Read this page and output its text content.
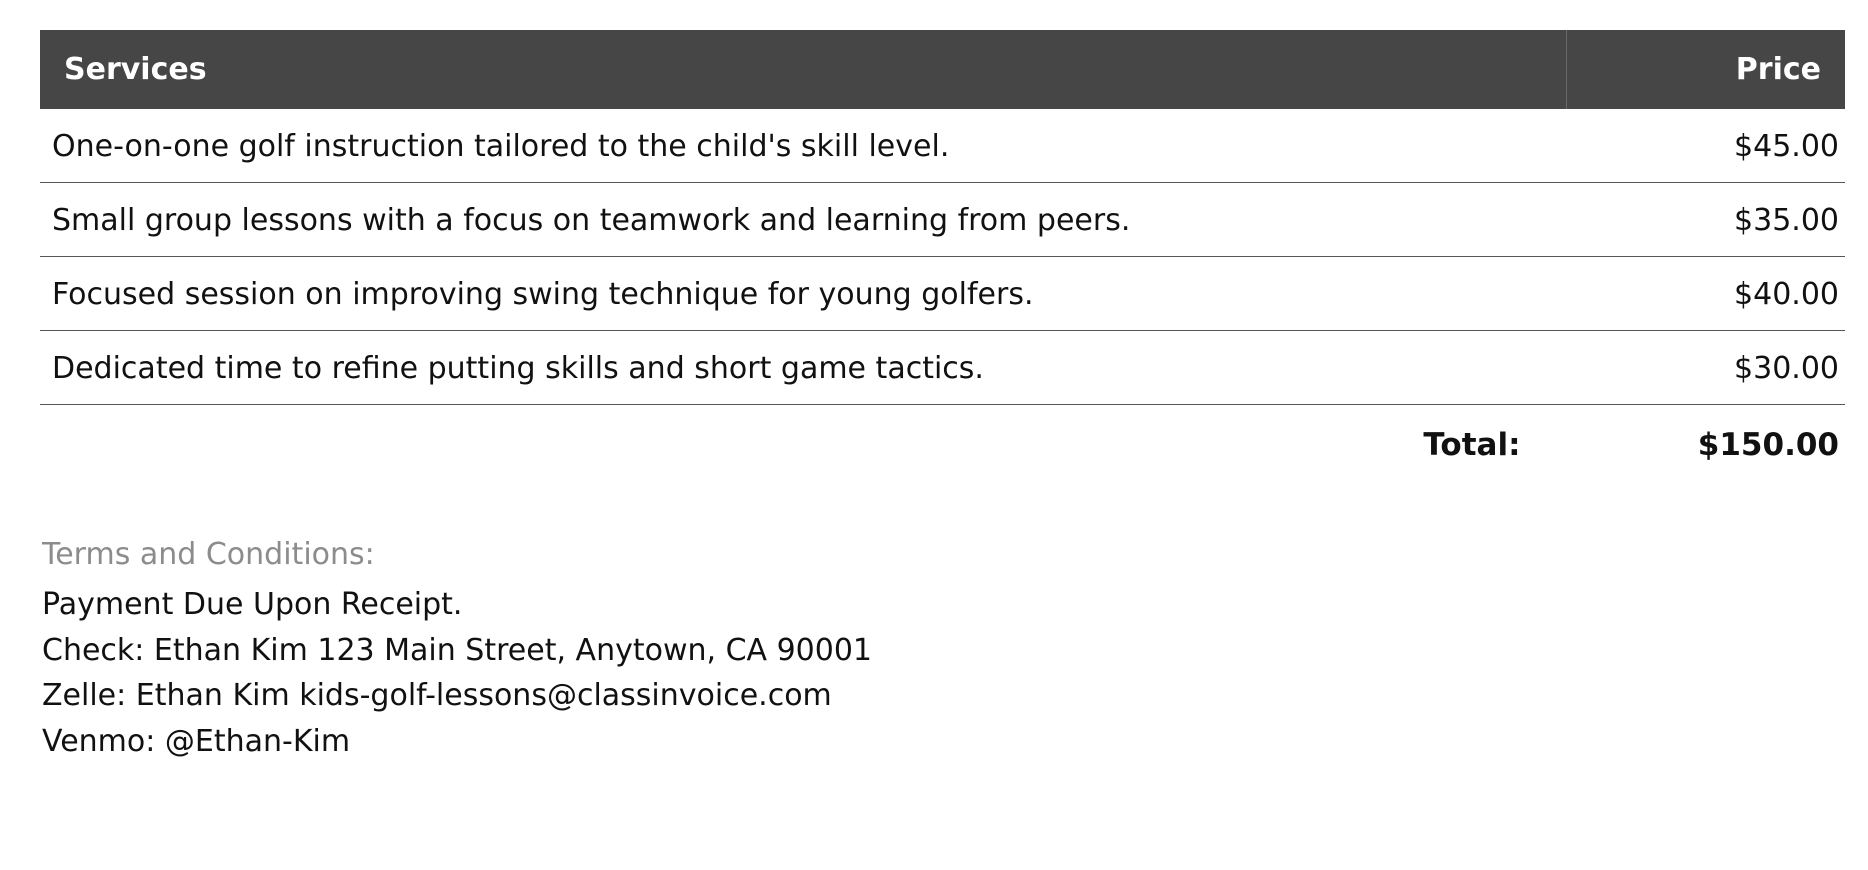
Services	Price
One-on-one golf instruction tailored to the child's skill level.	$45.00
Small group lessons with a focus on teamwork and learning from peers.	$35.00
Focused session on improving swing technique for young golfers.	$40.00
Dedicated time to refine putting skills and short game tactics.	$30.00
Total:	$150.00
Terms and Conditions:
Payment Due Upon Receipt.
Check: Ethan Kim 123 Main Street, Anytown, CA 90001
Zelle: Ethan Kim kids-golf-lessons@classinvoice.com
Venmo: @Ethan-Kim
